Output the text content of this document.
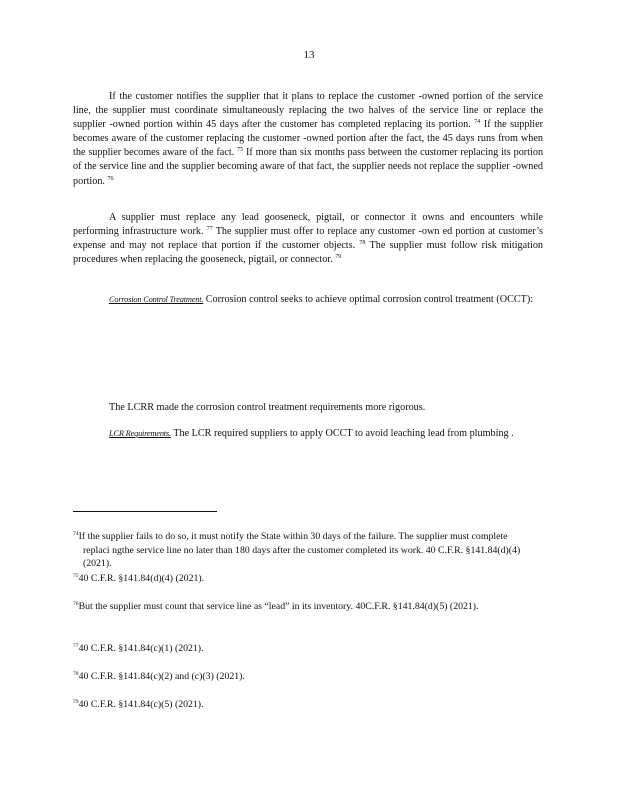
13

If the customer notifies the supplier that it plans to replace the customer -owned portion of the service line, the supplier must coordinate simultaneously replacing the two halves of the service line or replace the supplier -owned portion within 45 days after the customer has completed replacing its portion. $^{74}$ If the supplier becomes aware of the customer replacing the customer -owned portion after the fact, the 45 days runs from when the supplier becomes aware of the fact. $^{75}$ If more than six months pass between the customer replacing its portion of the service line and the supplier becoming aware of that fact, the supplier needs not replace the supplier -owned portion. $^{76}$

A supplier must replace any lead gooseneck, pigtail, or connector it owns and encounters while performing infrastructure work. $^{77}$ The supplier must offer to replace any customer -own ed portion at customer’s expense and may not replace that portion if the customer objects. $^{78}$ The supplier must follow risk mitigation procedures when replacing the gooseneck, pigtail, or connector. $^{79}$

Corrosion Control Treatment. Corrosion control seeks to achieve optimal corrosion control treatment (OCCT):

The LCRR made the corrosion control treatment requirements more rigorous.

LCR Requirements. The LCR required suppliers to apply OCCT to avoid leaching lead from plumbing .

$^{74}$If the supplier fails to do so, it must notify the State within 30 days of the failure. The supplier must complete replaci ngthe service line no later than 180 days after the customer completed its work. 40 C.F.R. §141.84(d)(4) (2021).
$^{75}$40 C.F.R. §141.84(d)(4) (2021).
$^{76}$But the supplier must count that service line as “lead” in its inventory. 40C.F.R. §141.84(d)(5) (2021).
$^{77}$40 C.F.R. §141.84(c)(1) (2021).
$^{78}$40 C.F.R. §141.84(c)(2) and (c)(3) (2021).
$^{79}$40 C.F.R. §141.84(c)(5) (2021).
